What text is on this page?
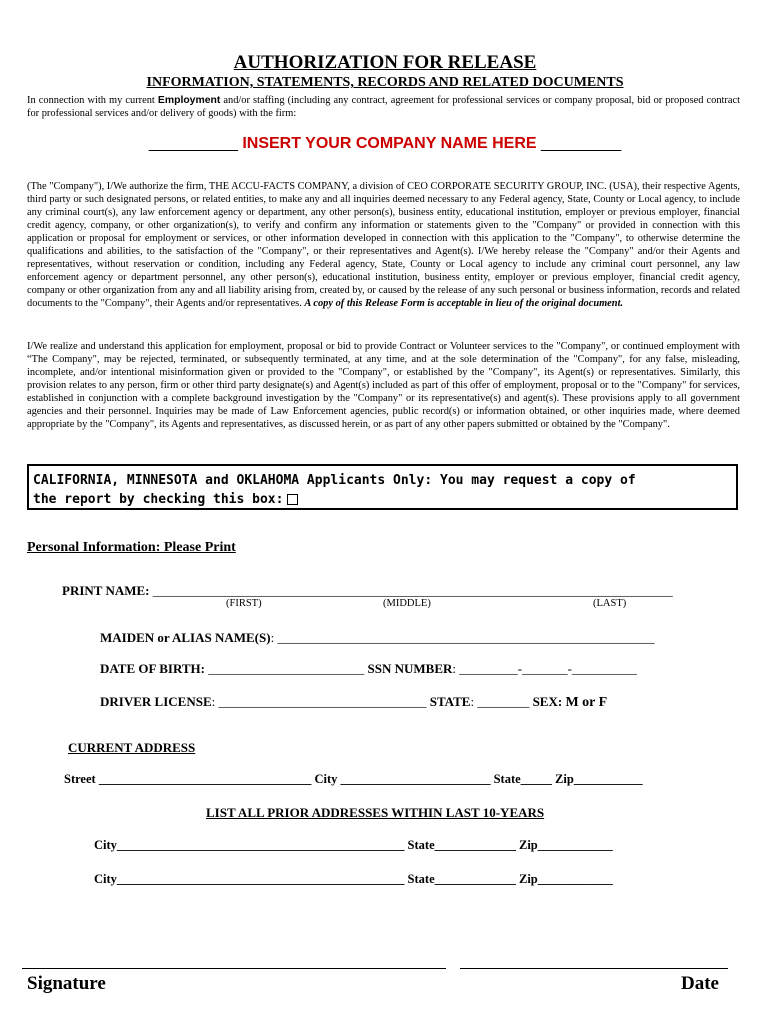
AUTHORIZATION FOR RELEASE
INFORMATION, STATEMENTS, RECORDS AND RELATED DOCUMENTS
In connection with my current Employment and/or staffing (including any contract, agreement for professional services or company proposal, bid or proposed contract for professional services and/or delivery of goods) with the firm:
__________ INSERT YOUR COMPANY NAME HERE _________
(The "Company"), I/We authorize the firm, THE ACCU-FACTS COMPANY, a division of CEO CORPORATE SECURITY GROUP, INC. (USA), their respective Agents, third party or such designated persons, or related entities, to make any and all inquiries deemed necessary to any Federal agency, State, County or Local agency, to include any criminal court(s), any law enforcement agency or department, any other person(s), business entity, educational institution, employer or previous employer, financial credit agency, company, or other organization(s), to verify and confirm any information or statements given to the "Company" or provided in connection with this application or proposal for employment or services, or other information developed in connection with this application to the "Company", to otherwise determine the qualifications and abilities, to the satisfaction of the "Company", or their representatives and Agent(s). I/We hereby release the "Company" and/or their Agents and representatives, without reservation or condition, including any Federal agency, State, County or Local agency to include any criminal court personnel, any law enforcement agency or department personnel, any other person(s), educational institution, business entity, employer or previous employer, financial credit agency, company or other organization from any and all liability arising from, created by, or caused by the release of any such personal or business information, records and related documents to the "Company", their Agents and/or representatives. A copy of this Release Form is acceptable in lieu of the original document.
I/We realize and understand this application for employment, proposal or bid to provide Contract or Volunteer services to the "Company", or continued employment with “The Company", may be rejected, terminated, or subsequently terminated, at any time, and at the sole determination of the "Company", for any false, misleading, incomplete, and/or intentional misinformation given or provided to the "Company", or established by the "Company", its Agent(s) or representatives. Similarly, this provision relates to any person, firm or other third party designate(s) and Agent(s) included as part of this offer of employment, proposal or to the "Company" for services, established in conjunction with a complete background investigation by the "Company" or its representative(s) and agent(s). These provisions apply to all government agencies and their personnel. Inquiries may be made of Law Enforcement agencies, public record(s) or information obtained, or other inquiries made, where deemed appropriate by the "Company", its Agents and representatives, as discussed herein, or as part of any other papers submitted or obtained by the "Company".
CALIFORNIA, MINNESOTA and OKLAHOMA Applicants Only: You may request a copy of
the report by checking this box:
Personal Information: Please Print
PRINT NAME: ________________________________________________________________________________
(FIRST)	(MIDDLE)	(LAST)
MAIDEN or ALIAS NAME(S): __________________________________________________________
DATE OF BIRTH: ________________________ SSN NUMBER: _________-_______-__________
DRIVER LICENSE: ________________________________ STATE: ________ SEX: M or F
CURRENT ADDRESS
Street __________________________________ City ________________________ State_____ Zip___________
LIST ALL PRIOR ADDRESSES WITHIN LAST 10-YEARS
City______________________________________________ State_____________ Zip____________
City______________________________________________ State_____________ Zip____________
Signature	Date
